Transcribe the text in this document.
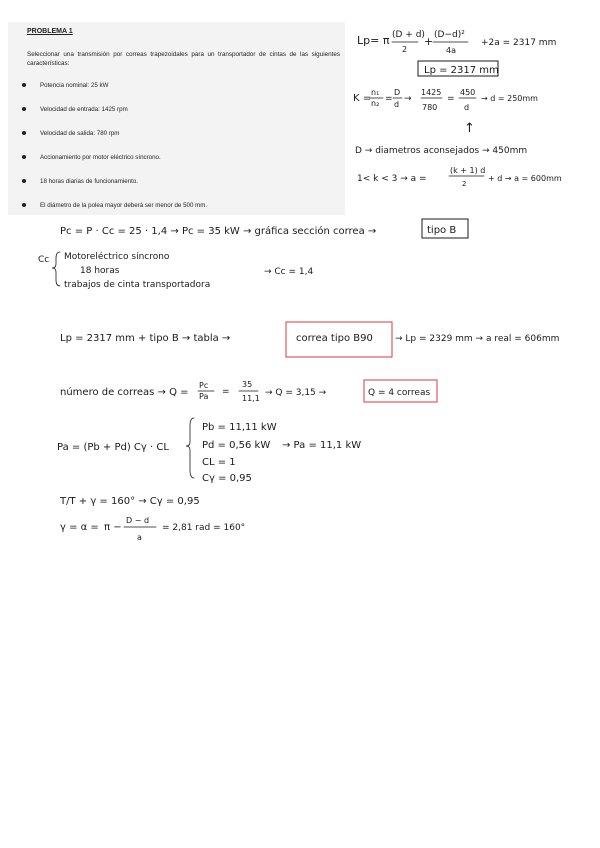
PROBLEMA 1
Seleccionar una transmisión por correas trapezoidales para un transportador de cintas de las siguientes características:
Potencia nominal: 25 kW
Velocidad de entrada: 1425 rpm
Velocidad de salida: 780 rpm
Accionamiento por motor eléctrico síncrono.
18 horas diarias de funcionamiento.
El diámetro de la polea mayor deberá ser menor de 500 mm.
Lp= π (D + d)
2
+ (D−d)²
4a
+2a = 2317 mm
Lp = 2317 mm
K =
n₁
n₂ =
D
d
→
1425
780
=
450
d
→ d = 250mm
↑
D → diametros aconsejados → 450mm
1< k < 3 → a =
(k + 1) d
2
+ d → a = 600mm
Pc = P · Cc = 25 · 1,4 → Pc = 35 kW → gráfica sección correa →	tipo B
Cc Motoreléctrico síncrono
18 horas
trabajos de cinta transportadora
→ Cc = 1,4
Lp = 2317 mm + tipo B → tabla →	correa tipo B90 → Lp = 2329 mm → a real = 606mm
número de correas → Q =
Pc
Pa =
35
11,1
→ Q = 3,15 →	Q = 4 correas
Pa = (Pb + Pd) Cγ · CL
Pb = 11,11 kW
Pd = 0,56 kW
CL = 1
Cγ = 0,95
→ Pa = 11,1 kW
T/T + γ = 160° → Cγ = 0,95
γ = α = π −
D − d
a
= 2,81 rad = 160°
